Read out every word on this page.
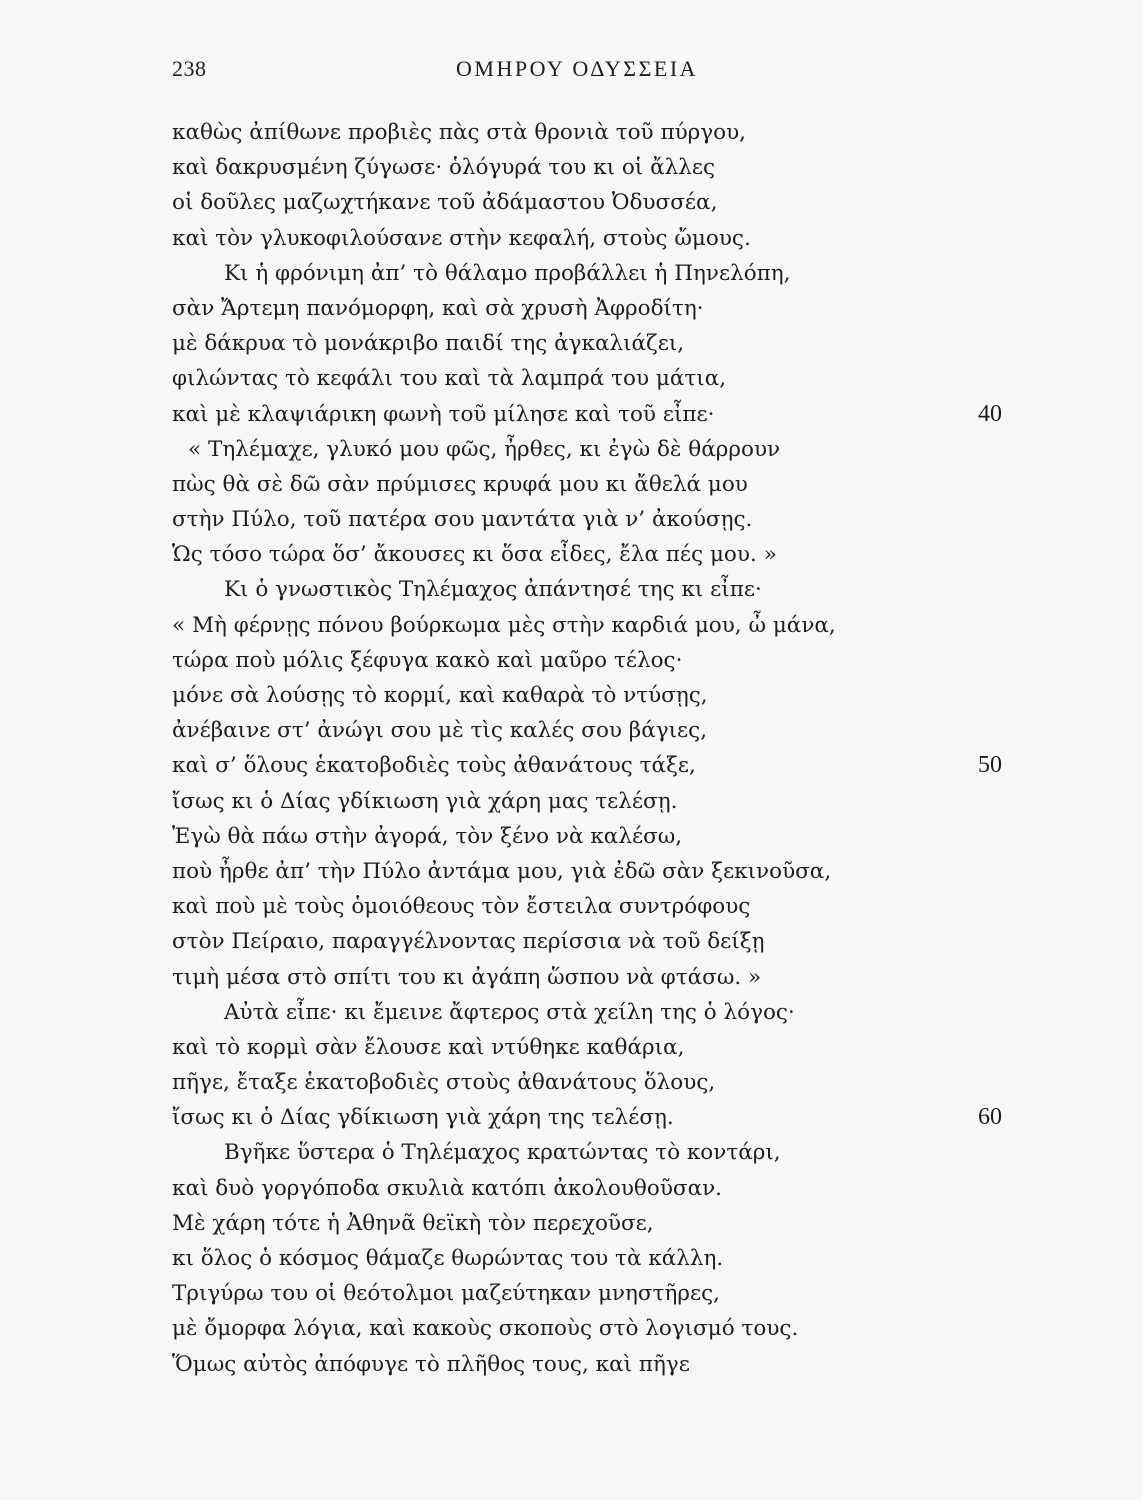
238	ΟΜΗΡΟΥ ΟΔΥΣΣΕΙΑ
καθὼς ἀπίθωνε προβιὲς πὰς στὰ θρονιὰ τοῦ πύργου,
καὶ δακρυσμένη ζύγωσε· ὁλόγυρά του κι οἱ ἄλλες
οἱ δοῦλες μαζωχτήκανε τοῦ ἀδάμαστου Ὀδυσσέα,
καὶ τὸν γλυκοφιλούσανε στὴν κεφαλή, στοὺς ὤμους.
Κι ἡ φρόνιμη ἀπ’ τὸ θάλαμο προβάλλει ἡ Πηνελόπη,
σὰν Ἄρτεμη πανόμορφη, καὶ σὰ χρυσὴ Ἀφροδίτη·
μὲ δάκρυα τὸ μονάκριβο παιδί της ἀγκαλιάζει,
φιλώντας τὸ κεφάλι του καὶ τὰ λαμπρά του μάτια,
καὶ μὲ κλαψιάρικη φωνὴ τοῦ μίλησε καὶ τοῦ εἶπε·	40
« Τηλέμαχε, γλυκό μου φῶς, ἦρθες, κι ἐγὼ δὲ θάρρουν
πὼς θὰ σὲ δῶ σὰν πρύμισες κρυφά μου κι ἄθελά μου
στὴν Πύλο, τοῦ πατέρα σου μαντάτα γιὰ ν’ ἀκούσῃς.
Ὡς τόσο τώρα ὅσ’ ἄκουσες κι ὅσα εἶδες, ἔλα πές μου. »
Κι ὁ γνωστικὸς Τηλέμαχος ἀπάντησέ της κι εἶπε·
« Μὴ φέρνῃς πόνου βούρκωμα μὲς στὴν καρδιά μου, ὦ μάνα,
τώρα ποὺ μόλις ξέφυγα κακὸ καὶ μαῦρο τέλος·
μόνε σὰ λούσῃς τὸ κορμί, καὶ καθαρὰ τὸ ντύσῃς,
ἀνέβαινε στ’ ἀνώγι σου μὲ τὶς καλές σου βάγιες,
καὶ σ’ ὅλους ἑκατοβοδιὲς τοὺς ἀθανάτους τάξε,	50
ἴσως κι ὁ Δίας γδίκιωση γιὰ χάρη μας τελέσῃ.
Ἐγὼ θὰ πάω στὴν ἀγορά, τὸν ξένο νὰ καλέσω,
ποὺ ἦρθε ἀπ’ τὴν Πύλο ἀντάμα μου, γιὰ ἐδῶ σὰν ξεκινοῦσα,
καὶ ποὺ μὲ τοὺς ὁμοιόθεους τὸν ἔστειλα συντρόφους
στὸν Πείραιο, παραγγέλνοντας περίσσια νὰ τοῦ δείξῃ
τιμὴ μέσα στὸ σπίτι του κι ἀγάπη ὥσπου νὰ φτάσω. »
Αὐτὰ εἶπε· κι ἔμεινε ἄφτερος στὰ χείλη της ὁ λόγος·
καὶ τὸ κορμὶ σὰν ἔλουσε καὶ ντύθηκε καθάρια,
πῆγε, ἔταξε ἑκατοβοδιὲς στοὺς ἀθανάτους ὅλους,
ἴσως κι ὁ Δίας γδίκιωση γιὰ χάρη της τελέσῃ.	60
Βγῆκε ὕστερα ὁ Τηλέμαχος κρατώντας τὸ κοντάρι,
καὶ δυὸ γοργόποδα σκυλιὰ κατόπι ἀκολουθοῦσαν.
Μὲ χάρη τότε ἡ Ἀθηνᾶ θεϊκὴ τὸν περεχοῦσε,
κι ὅλος ὁ κόσμος θάμαζε θωρώντας του τὰ κάλλη.
Τριγύρω του οἱ θεότολμοι μαζεύτηκαν μνηστῆρες,
μὲ ὄμορφα λόγια, καὶ κακοὺς σκοποὺς στὸ λογισμό τους.
Ὅμως αὐτὸς ἀπόφυγε τὸ πλῆθος τους, καὶ πῆγε
